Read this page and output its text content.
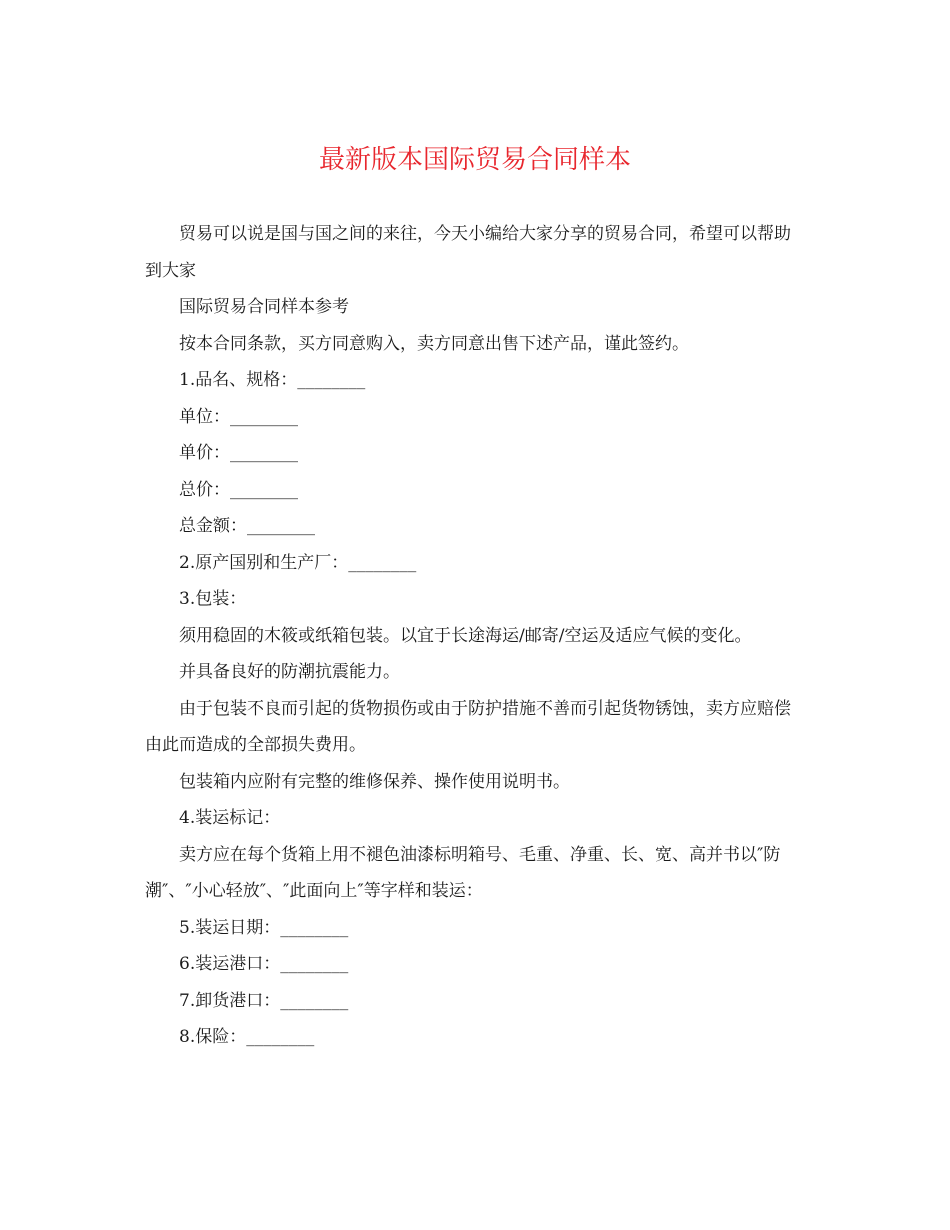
最新版本国际贸易合同样本

贸易可以说是国与国之间的来往，今天小编给大家分享的贸易合同，希望可以帮助到大家

国际贸易合同样本参考

按本合同条款，买方同意购入，卖方同意出售下述产品，谨此签约。

1.品名、规格：________

单位：________

单价：________

总价：________

总金额：________

2.原产国别和生产厂：________

3.包装：

须用稳固的木筱或纸箱包装。以宜于长途海运/邮寄/空运及适应气候的变化。

并具备良好的防潮抗震能力。

由于包装不良而引起的货物损伤或由于防护措施不善而引起货物锈蚀，卖方应赔偿由此而造成的全部损失费用。

包装箱内应附有完整的维修保养、操作使用说明书。

4.装运标记：

卖方应在每个货箱上用不褪色油漆标明箱号、毛重、净重、长、宽、高并书以″防潮″、″小心轻放″、″此面向上″等字样和装运：

5.装运日期：________

6.装运港口：________

7.卸货港口：________

8.保险：________
